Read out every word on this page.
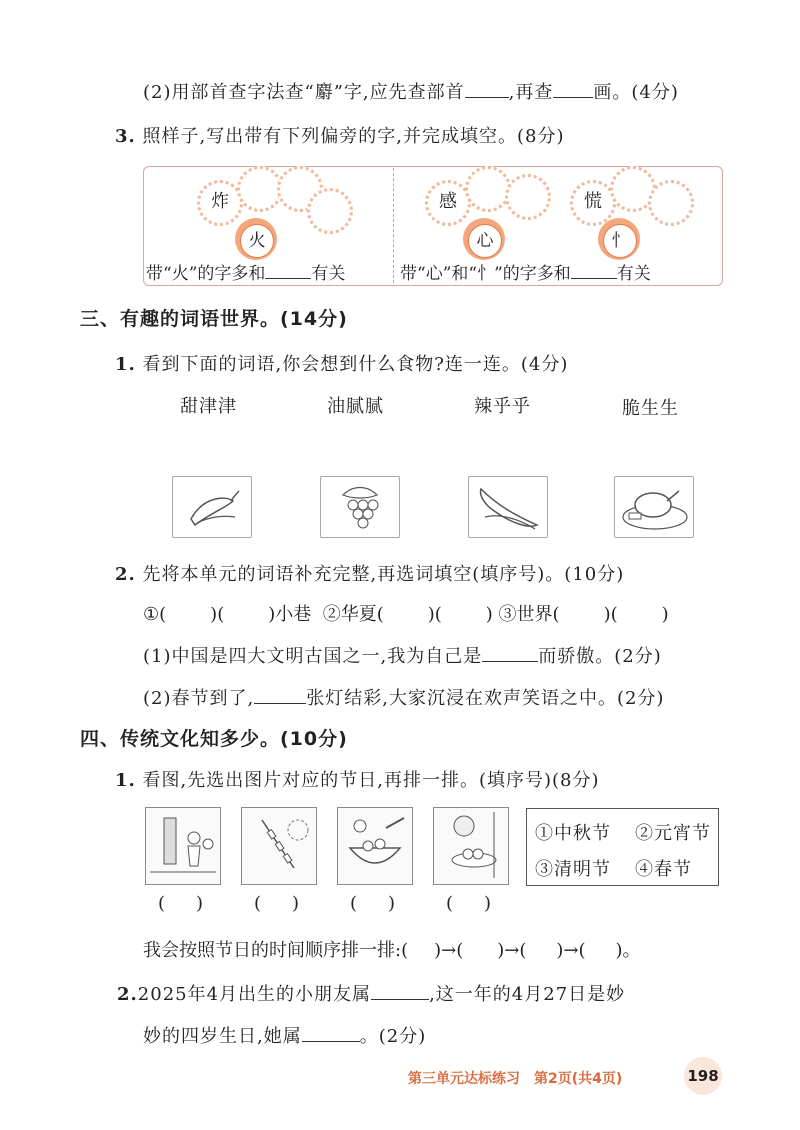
(2)用部首查字法查“麝”字,应先查部首 ,再查 画。(4分)
3. 照样子,写出带有下列偏旁的字,并完成填空。(8分)
炸
火
感
心
慌
忄
带“火”的字多和	有关	带“心”和“忄”的字多和	有关
三、有趣的词语世界。(14分)
1. 看到下面的词语,你会想到什么食物?连一连。(4分)
甜津津	油腻腻	辣乎乎	脆生生
2. 先将本单元的词语补充完整,再选词填空(填序号)。(10分)
①( )( )小巷 ②华夏( )( ) ③世界( )( )
(1)中国是四大文明古国之一,我为自己是	而骄傲。(2分)
(2)春节到了,	张灯结彩,大家沉浸在欢声笑语之中。(2分)
四、传统文化知多少。(10分)
1. 看图,先选出图片对应的节日,再排一排。(填序号)(8分)
①中秋节 ②元宵节
③清明节 ④春节
( )	( )	( )	( )
我会按照节日的时间顺序排一排:( )→( )→( )→( )。
2.2025年4月出生的小朋友属	,这一年的4月27日是妙
妙的四岁生日,她属	。(2分)
第三单元达标练习　第2页(共4页)	198
